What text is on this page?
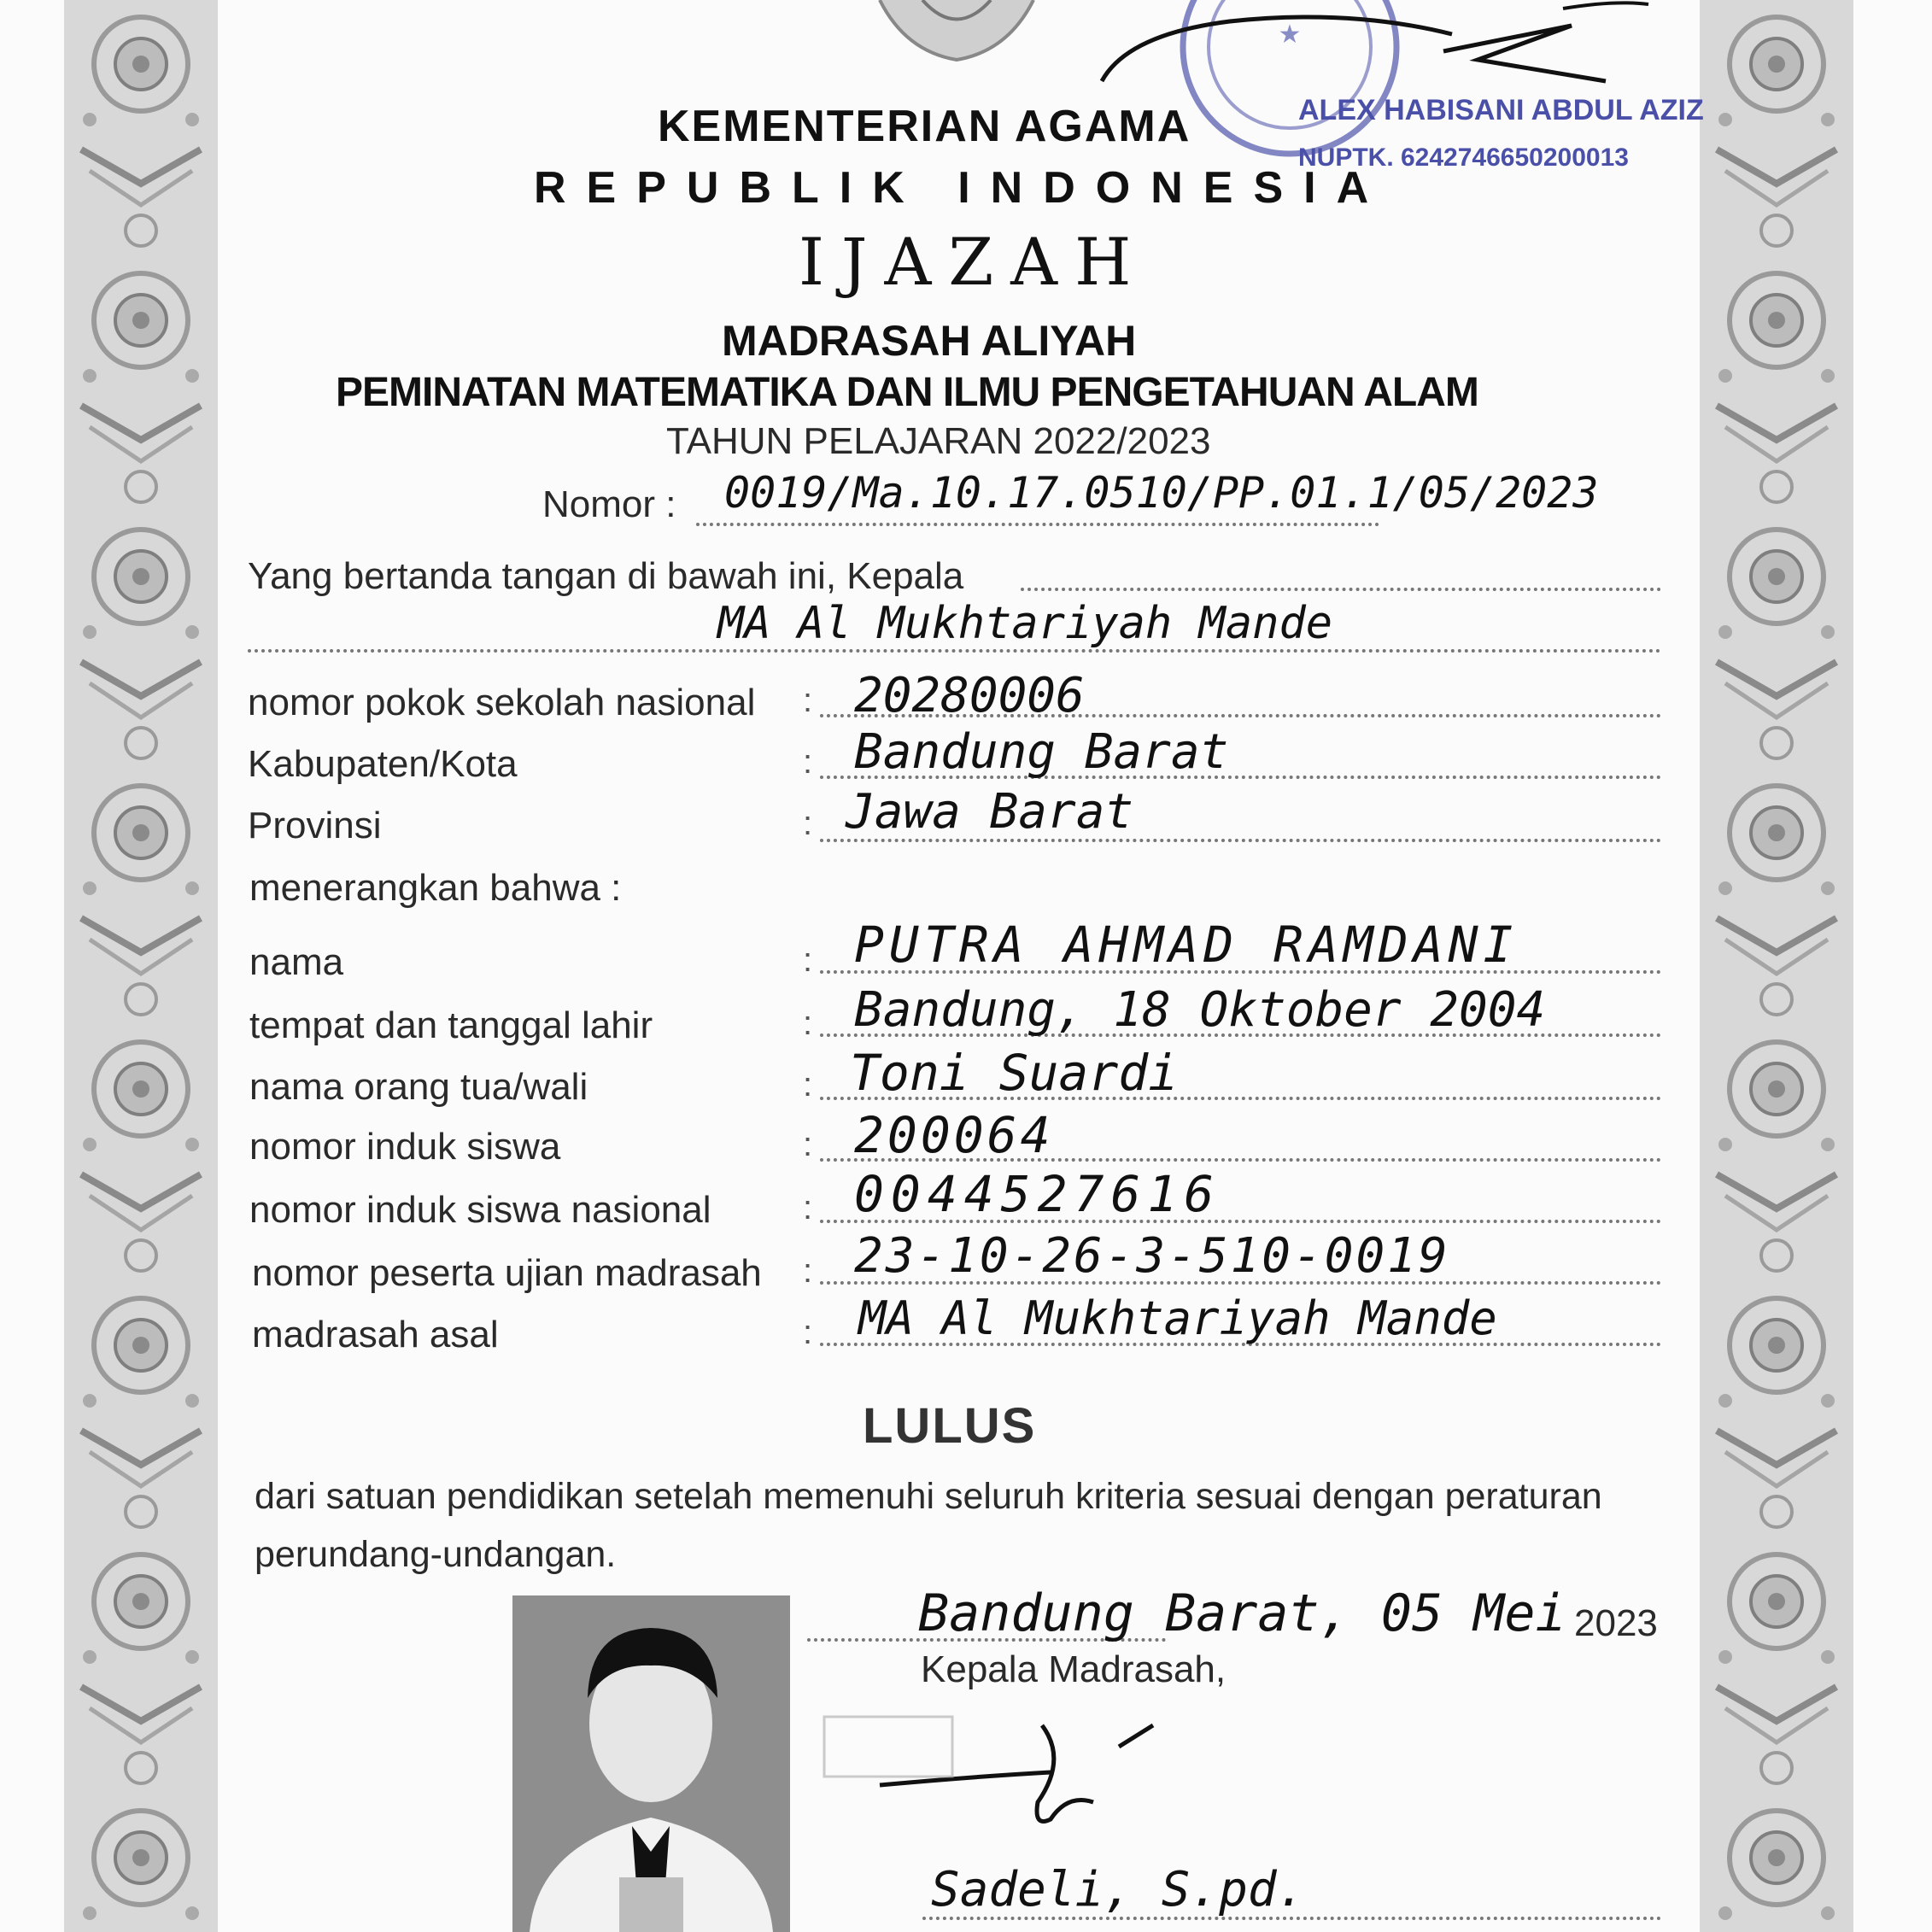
★
ALEX HABISANI ABDUL AZIZ
NUPTK. 6242746650200013
KEMENTERIAN AGAMA
REPUBLIK INDONESIA
IJAZAH
MADRASAH ALIYAH
PEMINATAN MATEMATIKA DAN ILMU PENGETAHUAN ALAM
TAHUN PELAJARAN 2022/2023
Nomor : 0019/Ma.10.17.0510/PP.01.1/05/2023
Yang bertanda tangan di bawah ini, Kepala
MA Al Mukhtariyah Mande
nomor pokok sekolah nasional : 20280006
Kabupaten/Kota	: Bandung Barat
Provinsi	: Jawa Barat
menerangkan bahwa :
nama	: PUTRA AHMAD RAMDANI
tempat dan tanggal lahir	: Bandung, 18 Oktober 2004
nama orang tua/wali	: Toni Suardi
nomor induk siswa	: 200064
nomor induk siswa nasional	: 0044527616
nomor peserta ujian madrasah : 23-10-26-3-510-0019
madrasah asal	: MA Al Mukhtariyah Mande
LULUS
dari satuan pendidikan setelah memenuhi seluruh kriteria sesuai dengan peraturan
perundang-undangan.
Bandung Barat, 05 Mei 2023
Kepala Madrasah,
Sadeli, S.pd.
